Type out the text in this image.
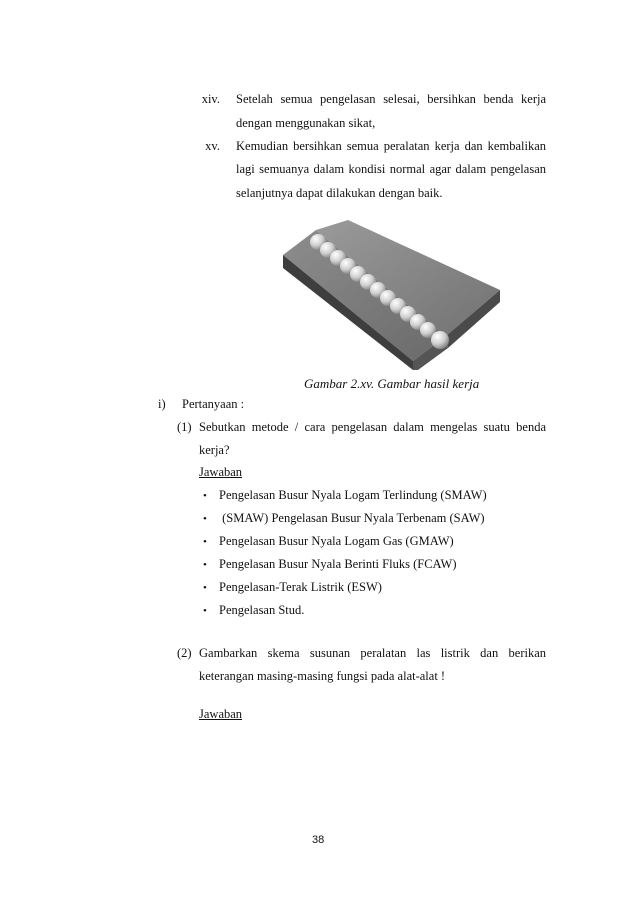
xiv. Setelah semua pengelasan selesai, bersihkan benda kerja
dengan menggunakan sikat,
xv. Kemudian bersihkan semua peralatan kerja dan kembalikan
lagi semuanya dalam kondisi normal agar dalam pengelasan
selanjutnya dapat dilakukan dengan baik.
Gambar 2.xv. Gambar hasil kerja
i) Pertanyaan :
(1) Sebutkan metode / cara pengelasan dalam mengelas suatu benda
kerja?
Jawaban
• Pengelasan Busur Nyala Logam Terlindung (SMAW)
• (SMAW) Pengelasan Busur Nyala Terbenam (SAW)
• Pengelasan Busur Nyala Logam Gas (GMAW)
• Pengelasan Busur Nyala Berinti Fluks (FCAW)
• Pengelasan-Terak Listrik (ESW)
• Pengelasan Stud.
(2) Gambarkan skema susunan peralatan las listrik dan berikan
keterangan masing-masing fungsi pada alat-alat !
Jawaban
38
